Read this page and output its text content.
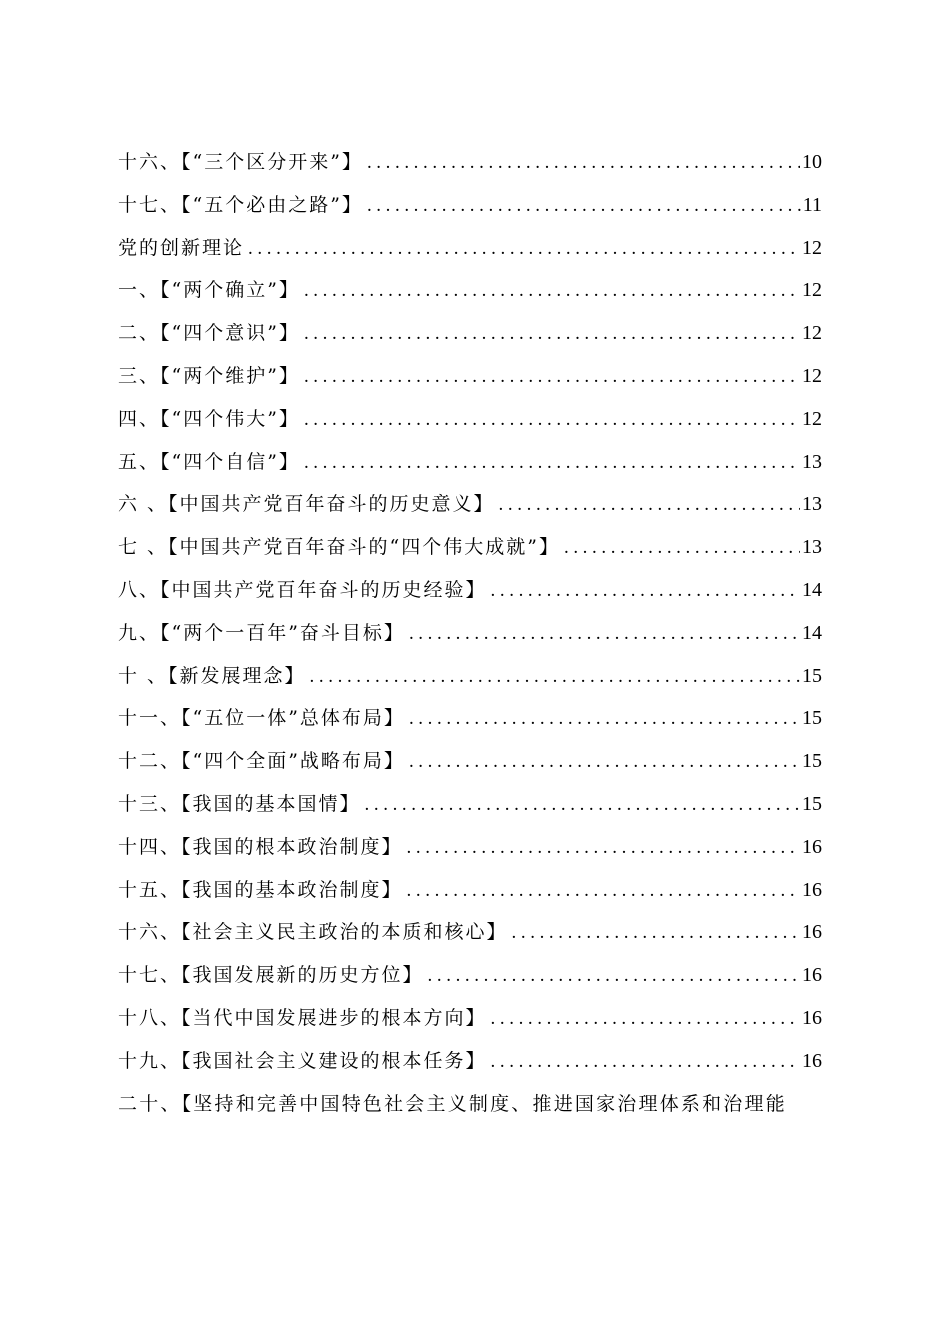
十六、【“三个区分开来”】 .....	10
十七、【“五个必由之路”】 .....	11
党的创新理论 .....	12
一、【“两个确立”】 .....	12
二、【“四个意识”】 .....	12
三、【“两个维护”】 .....	12
四、【“四个伟大”】 .....	12
五、【“四个自信”】 .....	13
六 、【中国共产党百年奋斗的历史意义】 .....	13
七 、【中国共产党百年奋斗的“四个伟大成就”】 .....	13
八、【中国共产党百年奋斗的历史经验】 .....	14
九、【“两个一百年”奋斗目标】 .....	14
十 、【新发展理念】 .....	15
十一、【“五位一体”总体布局】 .....	15
十二、【“四个全面”战略布局】 .....	15
十三、【我国的基本国情】 .....	15
十四、【我国的根本政治制度】 .....	16
十五、【我国的基本政治制度】 .....	16
十六、【社会主义民主政治的本质和核心】 .....	16
十七、【我国发展新的历史方位】 .....	16
十八、【当代中国发展进步的根本方向】 .....	16
十九、【我国社会主义建设的根本任务】 .....	16
二十、【坚持和完善中国特色社会主义制度、推进国家治理体系和治理能
